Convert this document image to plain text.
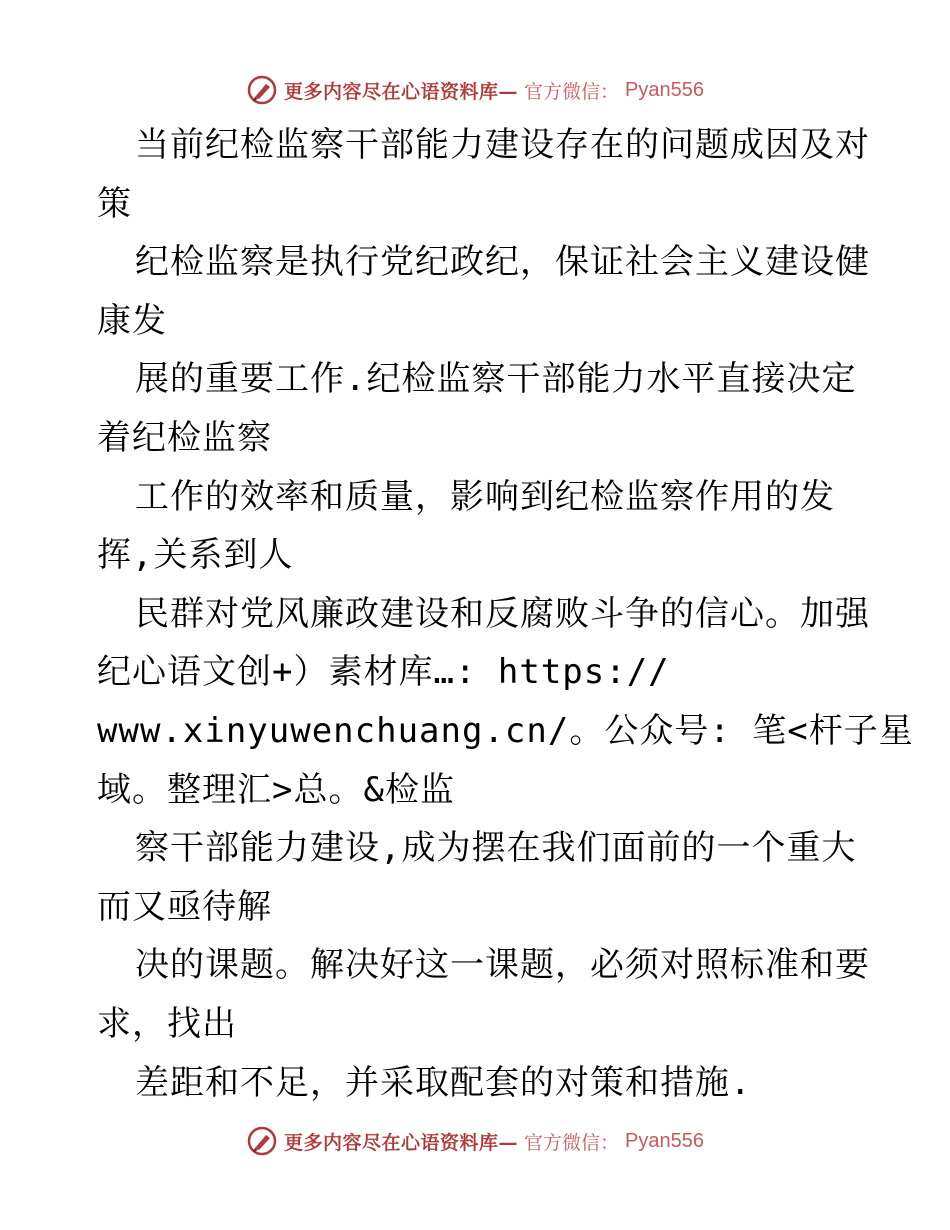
更多内容尽在心语资料库— 官方微信： Pyan556
当前纪检监察干部能力建设存在的问题成因及对
策
纪检监察是执行党纪政纪，保证社会主义建设健
康发
展的重要工作.纪检监察干部能力水平直接决定
着纪检监察
工作的效率和质量，影响到纪检监察作用的发
挥,关系到人
民群对党风廉政建设和反腐败斗争的信心。加强
纪心语文创+）素材库…: https://
www.xinyuwenchuang.cn/。公众号: 笔<杆子星
域。整理汇>总。&检监
察干部能力建设,成为摆在我们面前的一个重大
而又亟待解
决的课题。解决好这一课题，必须对照标准和要
求，找出
差距和不足，并采取配套的对策和措施.
更多内容尽在心语资料库— 官方微信： Pyan556
